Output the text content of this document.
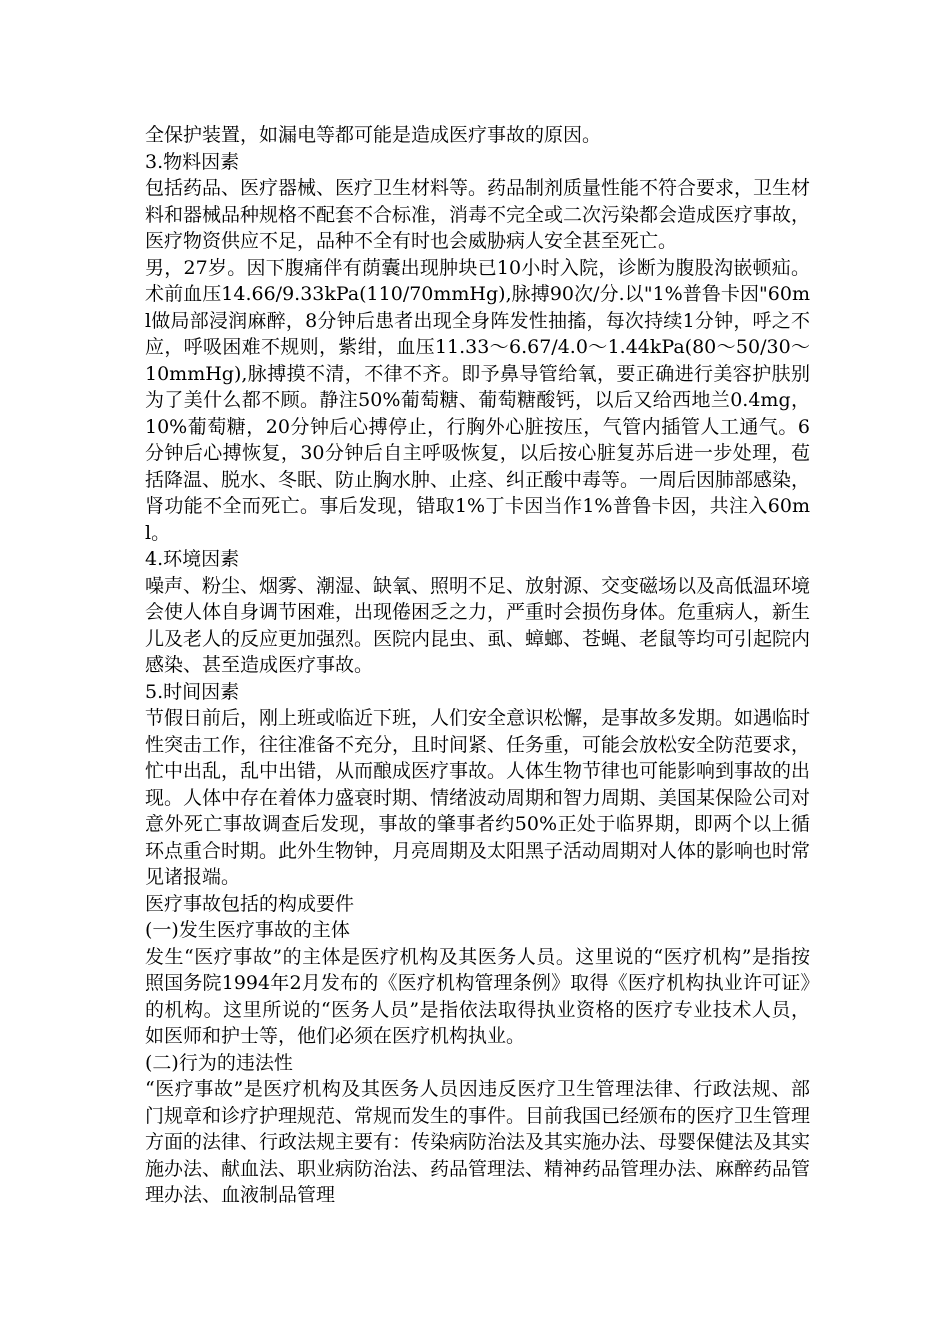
全保护装置，如漏电等都可能是造成医疗事故的原因。

3.物料因素

包括药品、医疗器械、医疗卫生材料等。药品制剂质量性能不符合要求，卫生材料和器械品种规格不配套不合标准，消毒不完全或二次污染都会造成医疗事故，医疗物资供应不足，品种不全有时也会威胁病人安全甚至死亡。

男，27岁。因下腹痛伴有荫囊出现肿块已10小时入院，诊断为腹股沟嵌顿疝。术前血压14.66/9.33kPa(110/70mmHg),脉搏90次/分.以"1%普鲁卡因"60ml做局部浸润麻醉，8分钟后患者出现全身阵发性抽搐，每次持续1分钟，呼之不应，呼吸困难不规则，紫绀，血压11.33～6.67/4.0～1.44kPa(80～50/30～10mmHg),脉搏摸不清，不律不齐。即予鼻导管给氧，要正确进行美容护肤别为了美什么都不顾。静注50%葡萄糖、葡萄糖酸钙，以后又给西地兰0.4mg，10%葡萄糖，20分钟后心搏停止，行胸外心脏按压，气管内插管人工通气。6分钟后心搏恢复，30分钟后自主呼吸恢复，以后按心脏复苏后进一步处理，苞括降温、脱水、冬眠、防止胸水肿、止痉、纠正酸中毒等。一周后因肺部感染，肾功能不全而死亡。事后发现，错取1%丁卡因当作1%普鲁卡因，共注入60ml。

4.环境因素

噪声、粉尘、烟雾、潮湿、缺氧、照明不足、放射源、交变磁场以及高低温环境会使人体自身调节困难，出现倦困乏之力，严重时会损伤身体。危重病人，新生儿及老人的反应更加强烈。医院内昆虫、虱、蟑螂、苍蝇、老鼠等均可引起院内感染、甚至造成医疗事故。

5.时间因素

节假日前后，刚上班或临近下班，人们安全意识松懈，是事故多发期。如遇临时性突击工作，往往准备不充分，且时间紧、任务重，可能会放松安全防范要求，忙中出乱，乱中出错，从而酿成医疗事故。人体生物节律也可能影响到事故的出现。人体中存在着体力盛衰时期、情绪波动周期和智力周期、美国某保险公司对意外死亡事故调查后发现，事故的肇事者约50%正处于临界期，即两个以上循环点重合时期。此外生物钟，月亮周期及太阳黑子活动周期对人体的影响也时常见诸报端。

医疗事故包括的构成要件

(一)发生医疗事故的主体

发生“医疗事故”的主体是医疗机构及其医务人员。这里说的“医疗机构”是指按照国务院1994年2月发布的《医疗机构管理条例》取得《医疗机构执业许可证》的机构。这里所说的“医务人员”是指依法取得执业资格的医疗专业技术人员，如医师和护士等，他们必须在医疗机构执业。

(二)行为的违法性

“医疗事故”是医疗机构及其医务人员因违反医疗卫生管理法律、行政法规、部门规章和诊疗护理规范、常规而发生的事件。目前我国已经颁布的医疗卫生管理方面的法律、行政法规主要有：传染病防治法及其实施办法、母婴保健法及其实施办法、献血法、职业病防治法、药品管理法、精神药品管理办法、麻醉药品管理办法、血液制品管理
